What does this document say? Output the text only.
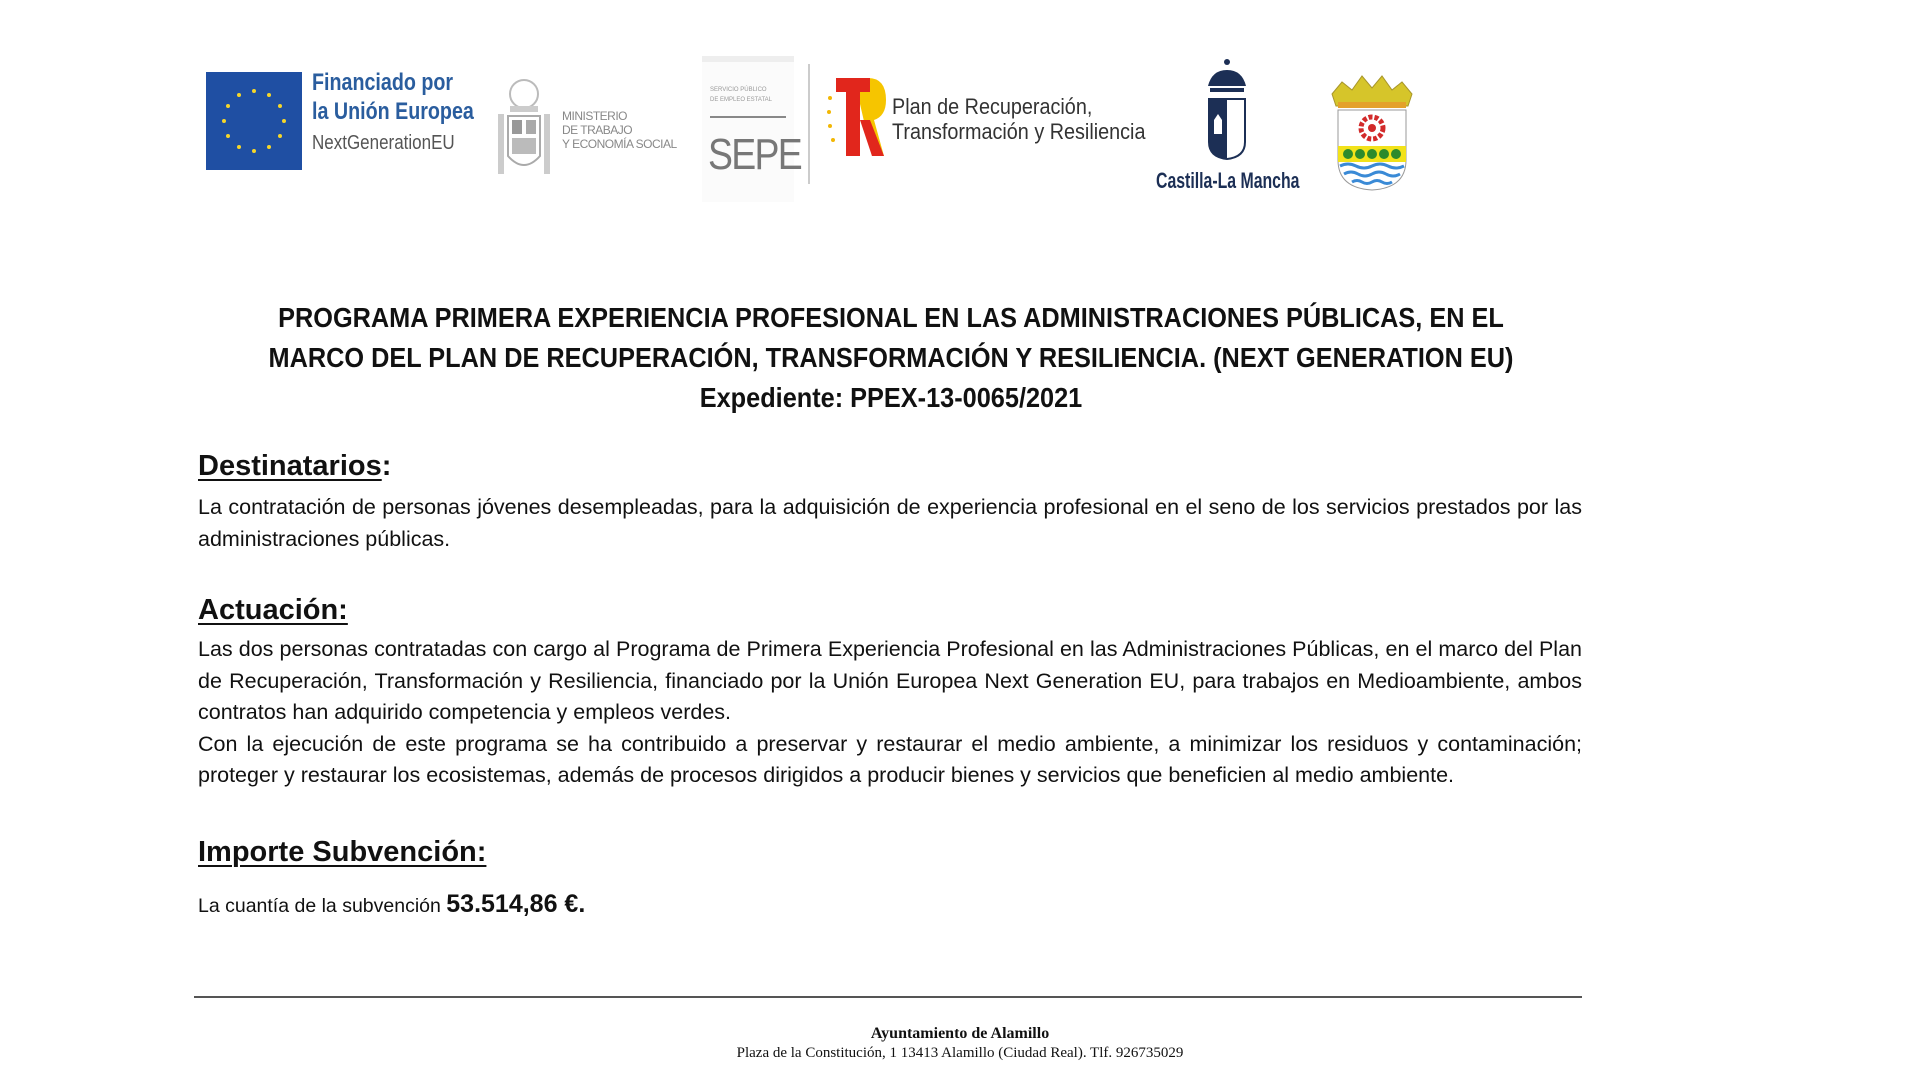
Financiado por
la Unión Europea
NextGenerationEU
MINISTERIO
DE TRABAJO
Y ECONOMÍA SOCIAL
SERVICIO PÚBLICO
DE EMPLEO ESTATAL
SEPE
Plan de Recuperación,
Transformación y Resiliencia
Castilla-La Mancha
PROGRAMA PRIMERA EXPERIENCIA PROFESIONAL EN LAS ADMINISTRACIONES PÚBLICAS, EN EL
MARCO DEL PLAN DE RECUPERACIÓN, TRANSFORMACIÓN Y RESILIENCIA. (NEXT GENERATION EU)
Expediente: PPEX-13-0065/2021
Destinatarios:

La contratación de personas jóvenes desempleadas, para la adquisición de experiencia profesional en el seno de los servicios prestados por las administraciones públicas.

Actuación:

Las dos personas contratadas con cargo al Programa de Primera Experiencia Profesional en las Administraciones Públicas, en el marco del Plan de Recuperación, Transformación y Resiliencia, financiado por la Unión Europea Next Generation EU, para trabajos en Medioambiente, ambos contratos han adquirido competencia y empleos verdes.

Con la ejecución de este programa se ha contribuido a preservar y restaurar el medio ambiente, a minimizar los residuos y contaminación; proteger y restaurar los ecosistemas, además de procesos dirigidos a producir bienes y servicios que beneficien al medio ambiente.

Importe Subvención:
La cuantía de la subvención 53.514,86 €.
Ayuntamiento de Alamillo
Plaza de la Constitución, 1 13413 Alamillo (Ciudad Real). Tlf. 926735029
